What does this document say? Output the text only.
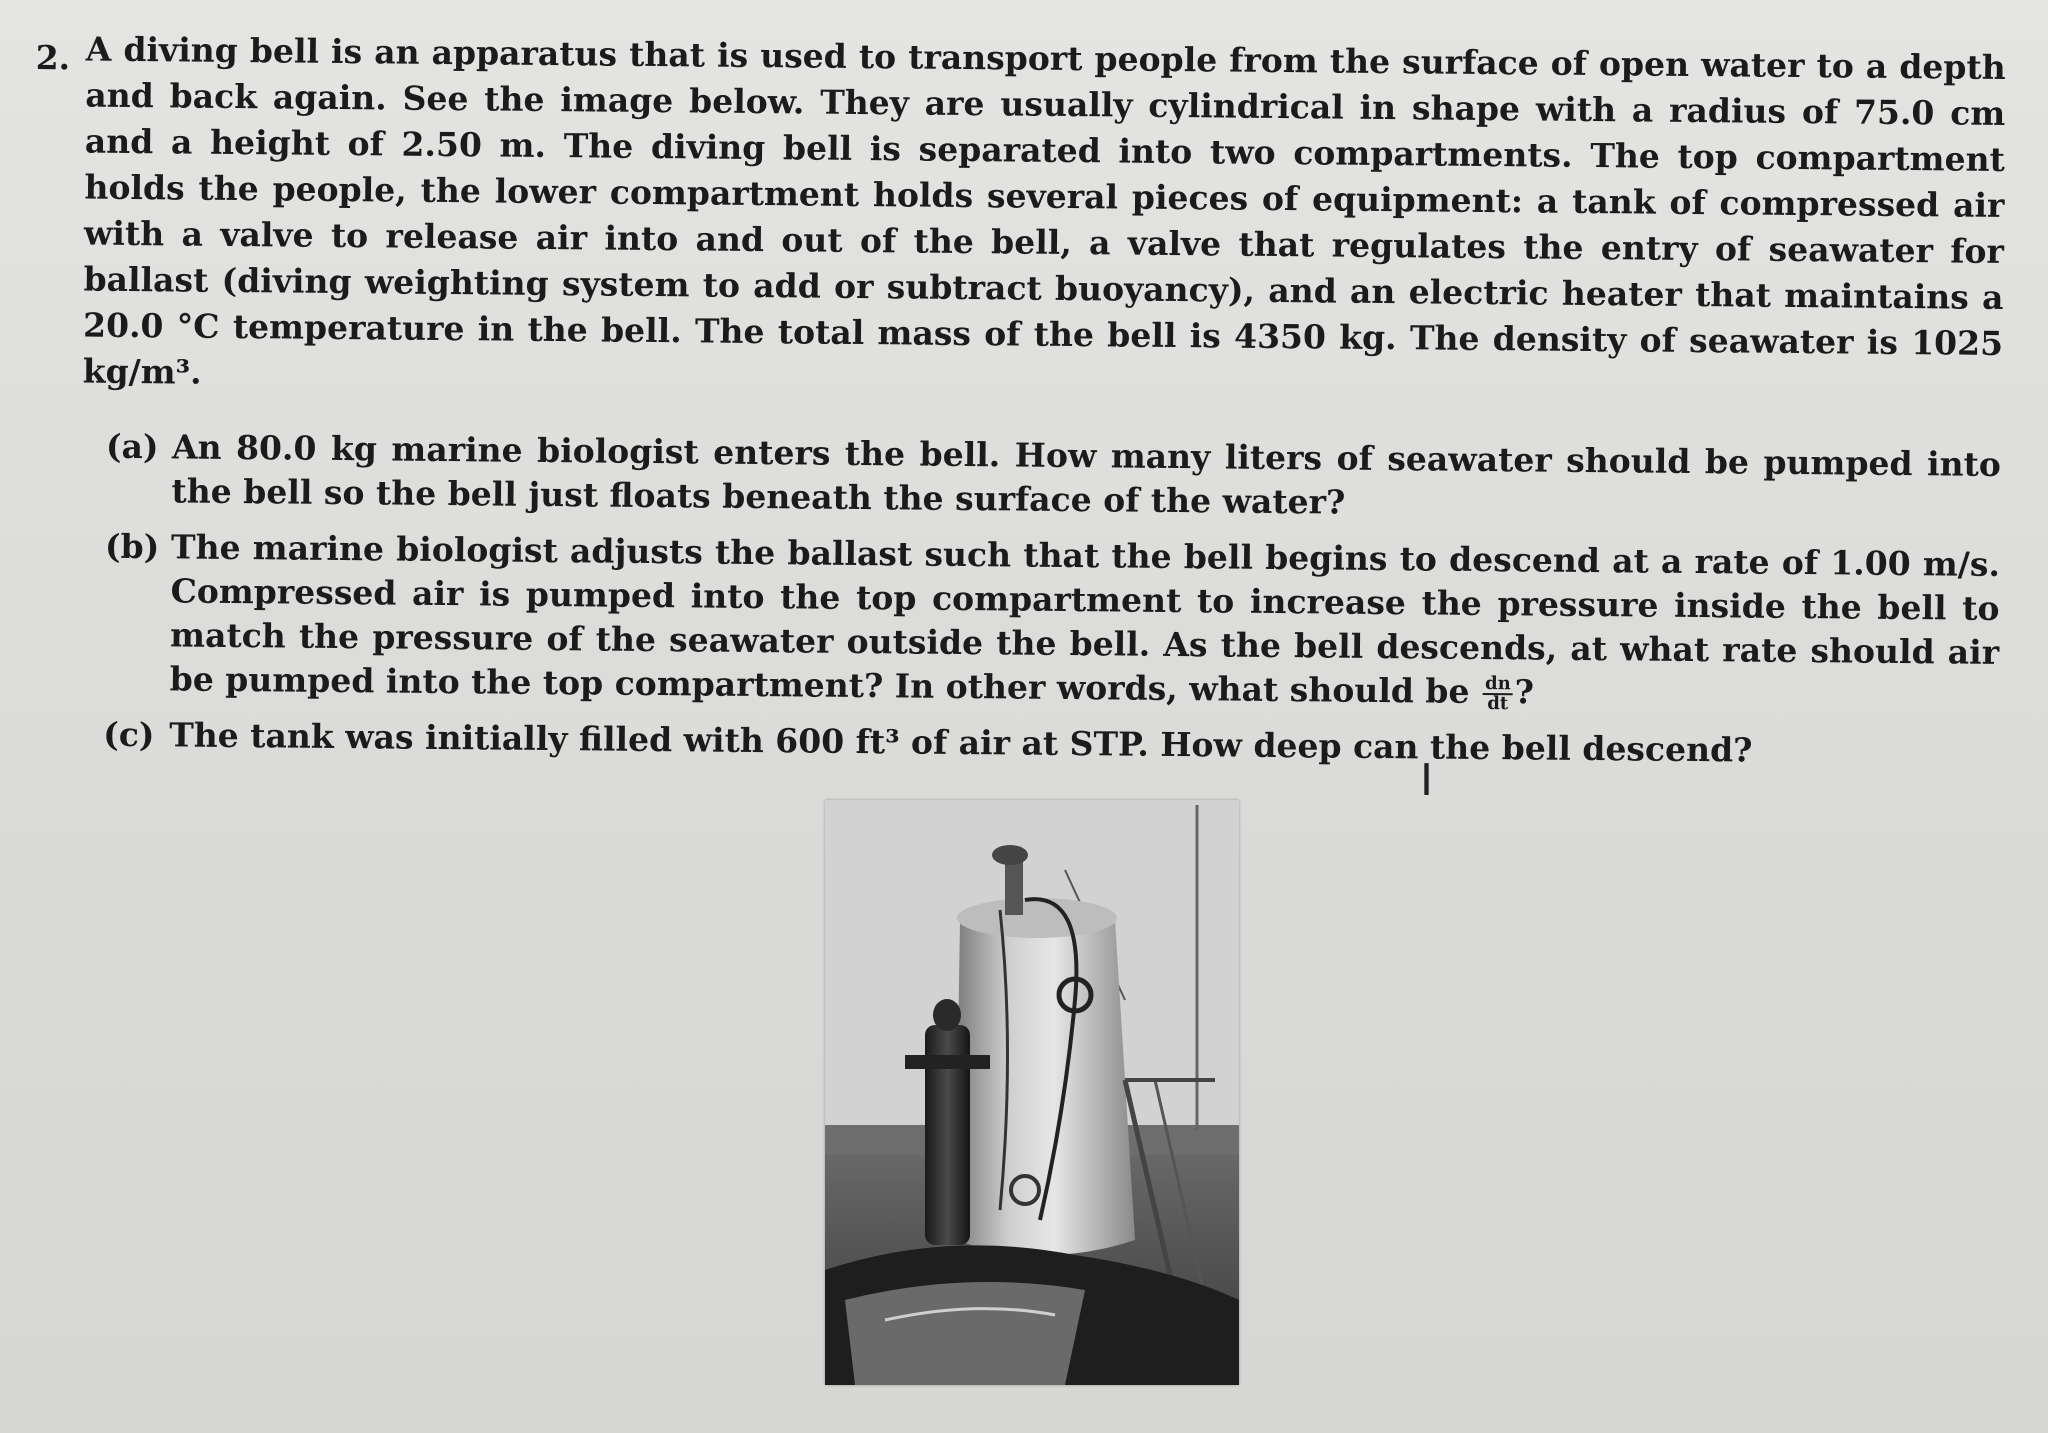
2. A diving bell is an apparatus that is used to transport people from the surface of open water to a depth and back again. See the image below. They are usually cylindrical in shape with a radius of 75.0 cm and a height of 2.50 m. The diving bell is separated into two compartments. The top compartment holds the people, the lower compartment holds several pieces of equipment: a tank of compressed air with a valve to release air into and out of the bell, a valve that regulates the entry of seawater for ballast (diving weighting system to add or subtract buoyancy), and an electric heater that maintains a 20.0 °C temperature in the bell. The total mass of the bell is 4350 kg. The density of seawater is 1025 kg/m³.

(a) An 80.0 kg marine biologist enters the bell. How many liters of seawater should be pumped into the bell so the bell just floats beneath the surface of the water?
(b) The marine biologist adjusts the ballast such that the bell begins to descend at a rate of 1.00 m/s. Compressed air is pumped into the top compartment to increase the pressure inside the bell to match the pressure of the seawater outside the bell. As the bell descends, at what rate should air be pumped into the top compartment? In other words, what should be $\frac{dn}{dt}$ ?
(c) The tank was initially filled with 600 ft³ of air at STP. How deep can the bell descend?
I
